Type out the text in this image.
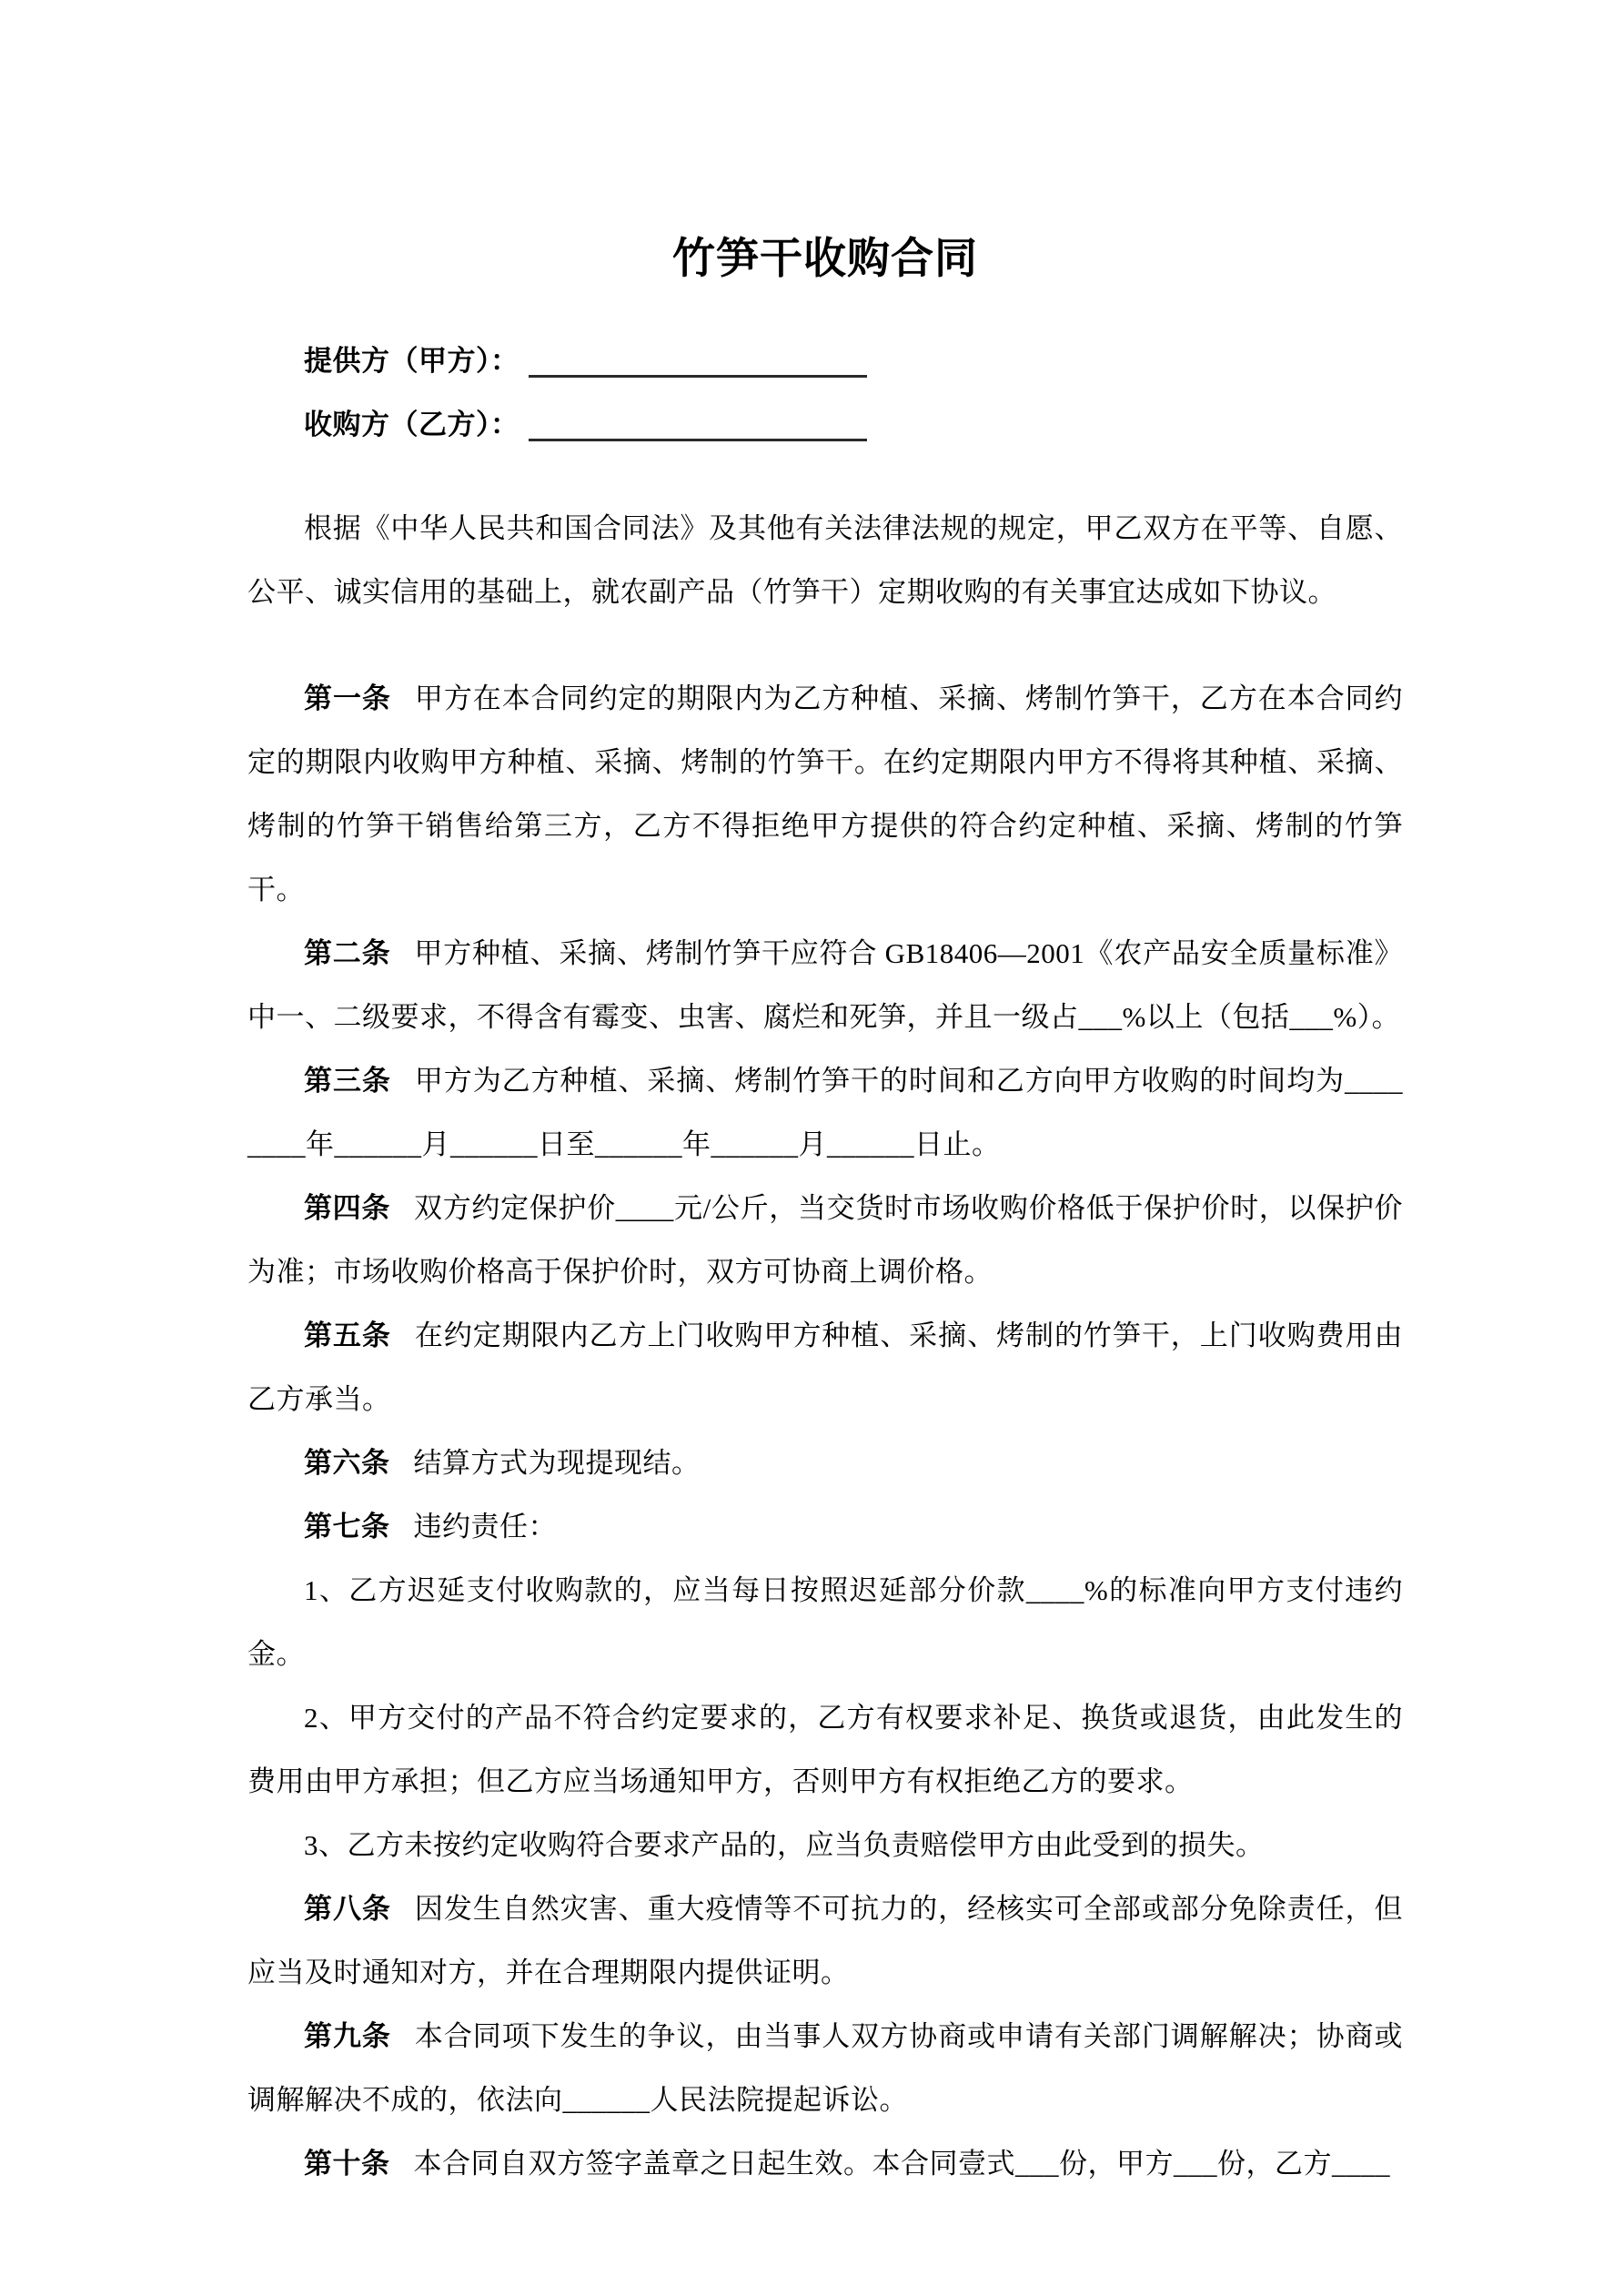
竹笋干收购合同

提供方（甲方）：

收购方（乙方）：

根据《中华人民共和国合同法》及其他有关法律法规的规定，甲乙双方在平等、自愿、公平、诚实信用的基础上，就农副产品（竹笋干）定期收购的有关事宜达成如下协议。

第一条 甲方在本合同约定的期限内为乙方种植、采摘、烤制竹笋干，乙方在本合同约定的期限内收购甲方种植、采摘、烤制的竹笋干。在约定期限内甲方不得将其种植、采摘、烤制的竹笋干销售给第三方，乙方不得拒绝甲方提供的符合约定种植、采摘、烤制的竹笋干。

第二条 甲方种植、采摘、烤制竹笋干应符合 GB18406—2001《农产品安全质量标准》中一、二级要求，不得含有霉变、虫害、腐烂和死笋，并且一级占___%以上（包括___%）。

第三条 甲方为乙方种植、采摘、烤制竹笋干的时间和乙方向甲方收购的时间均为________年______月______日至______年______月______日止。

第四条 双方约定保护价____元/公斤，当交货时市场收购价格低于保护价时，以保护价为准；市场收购价格高于保护价时，双方可协商上调价格。

第五条 在约定期限内乙方上门收购甲方种植、采摘、烤制的竹笋干，上门收购费用由乙方承当。

第六条 结算方式为现提现结。

第七条 违约责任：

1、乙方迟延支付收购款的，应当每日按照迟延部分价款____%的标准向甲方支付违约金。

2、甲方交付的产品不符合约定要求的，乙方有权要求补足、换货或退货，由此发生的费用由甲方承担；但乙方应当场通知甲方，否则甲方有权拒绝乙方的要求。

3、乙方未按约定收购符合要求产品的，应当负责赔偿甲方由此受到的损失。

第八条 因发生自然灾害、重大疫情等不可抗力的，经核实可全部或部分免除责任，但应当及时通知对方，并在合理期限内提供证明。

第九条 本合同项下发生的争议，由当事人双方协商或申请有关部门调解解决；协商或调解解决不成的，依法向______人民法院提起诉讼。

第十条 本合同自双方签字盖章之日起生效。本合同壹式___份，甲方___份，乙方____
